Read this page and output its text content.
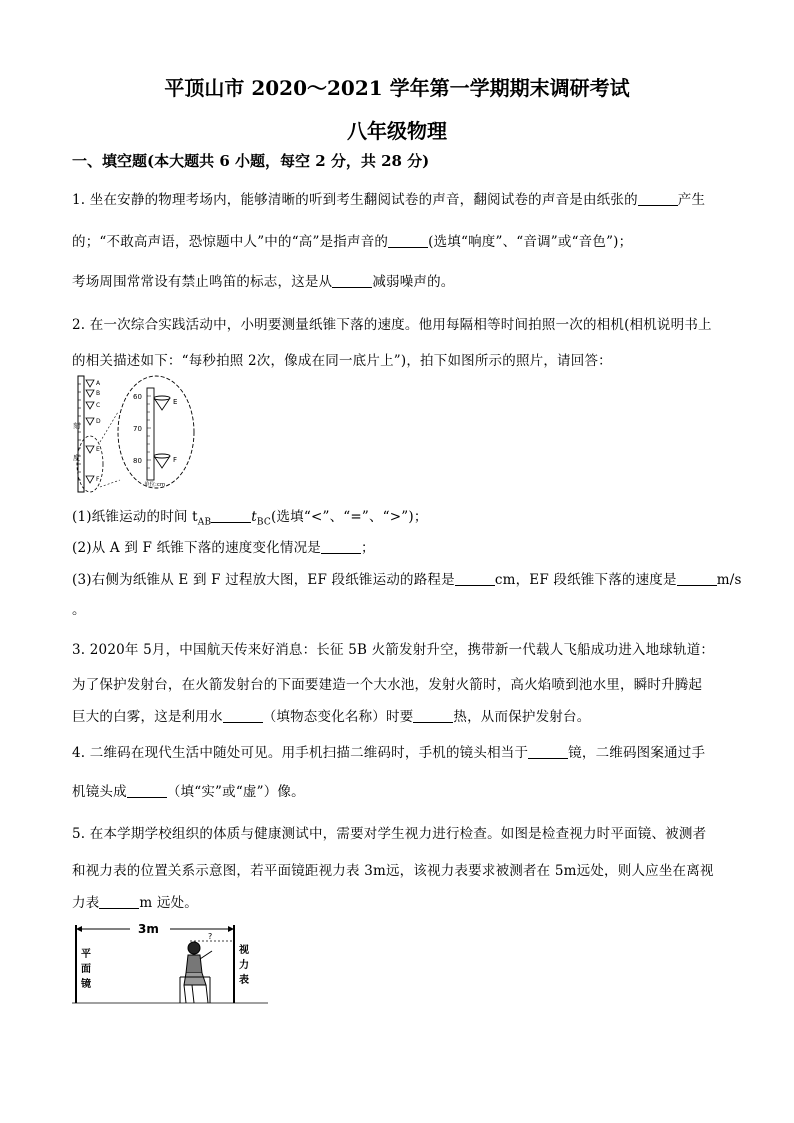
平顶山市 2020～2021 学年第一学期期末调研考试
八年级物理
一、填空题(本大题共 6 小题，每空 2 分，共 28 分)
1. 坐在安静的物理考场内，能够清晰的听到考生翻阅试卷的声音，翻阅试卷的声音是由纸张的	产生
的；“不敢高声语，恐惊题中人”中的“高”是指声音的	(选填“响度”、“音调”或“音色”)；
考场周围常常设有禁止鸣笛的标志，这是从	减弱噪声的。
2. 在一次综合实践活动中，小明要测量纸锥下落的速度。他用每隔相等时间拍照一次的相机(相机说明书上
的相关描述如下：“每秒拍照 2次，像成在同一底片上”)，拍下如图所示的照片，请回答：
刻
度
A
B
C
D
E
F
60
70
80
E
F
单位:cm
(1)纸锥运动的时间 $t_{AB}$	$t_{BC}$(选填“<”、“=”、“>”)；
(2)从 A 到 F 纸锥下落的速度变化情况是	；
(3)右侧为纸锥从 E 到 F 过程放大图，EF 段纸锥运动的路程是	cm，EF 段纸锥下落的速度是	m/s
。
3. 2020年 5月，中国航天传来好消息：长征 5B 火箭发射升空，携带新一代载人飞船成功进入地球轨道：
为了保护发射台，在火箭发射台的下面要建造一个大水池，发射火箭时，高火焰喷到池水里，瞬时升腾起
巨大的白雾，这是利用水	（填物态变化名称）时要	热，从而保护发射台。
4. 二维码在现代生活中随处可见。用手机扫描二维码时，手机的镜头相当于	镜，二维码图案通过手
机镜头成	（填“实”或“虚”）像。
5. 在本学期学校组织的体质与健康测试中，需要对学生视力进行检查。如图是检查视力时平面镜、被测者
和视力表的位置关系示意图，若平面镜距视力表 3m远，该视力表要求被测者在 5m远处，则人应坐在离视
力表	m 远处。
3m
平
面
镜
视
力
表
?
